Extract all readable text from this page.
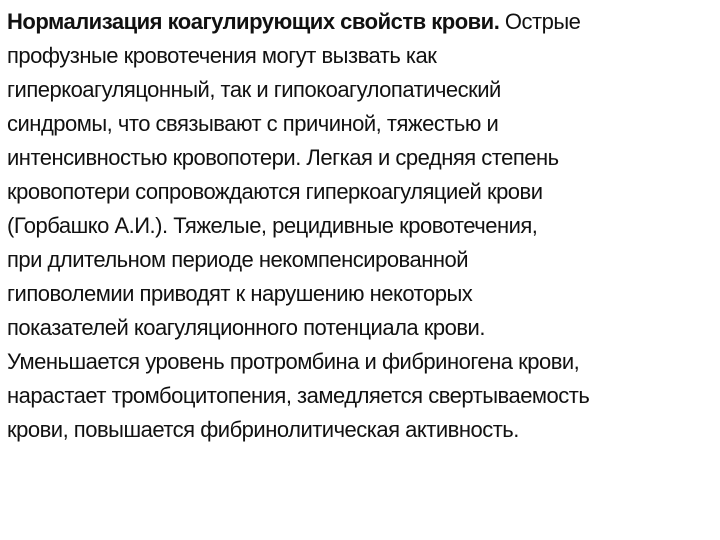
Нормализация коагулирующих свойств крови. Острые
профузные кровотечения могут вызвать как
гиперкоагуляцонный, так и гипокоагулопатический
синдромы, что связывают с причиной, тяжестью и
интенсивностью кровопотери. Легкая и средняя степень
кровопотери сопровождаются гиперкоагуляцией крови
(Горбашко А.И.). Тяжелые, рецидивные кровотечения,
при длительном периоде некомпенсированной
гиповолемии приводят к нарушению некоторых
показателей коагуляционного потенциала крови.
Уменьшается уровень протромбина и фибриногена крови,
нарастает тромбоцитопения, замедляется свертываемость
крови, повышается фибринолитическая активность.
